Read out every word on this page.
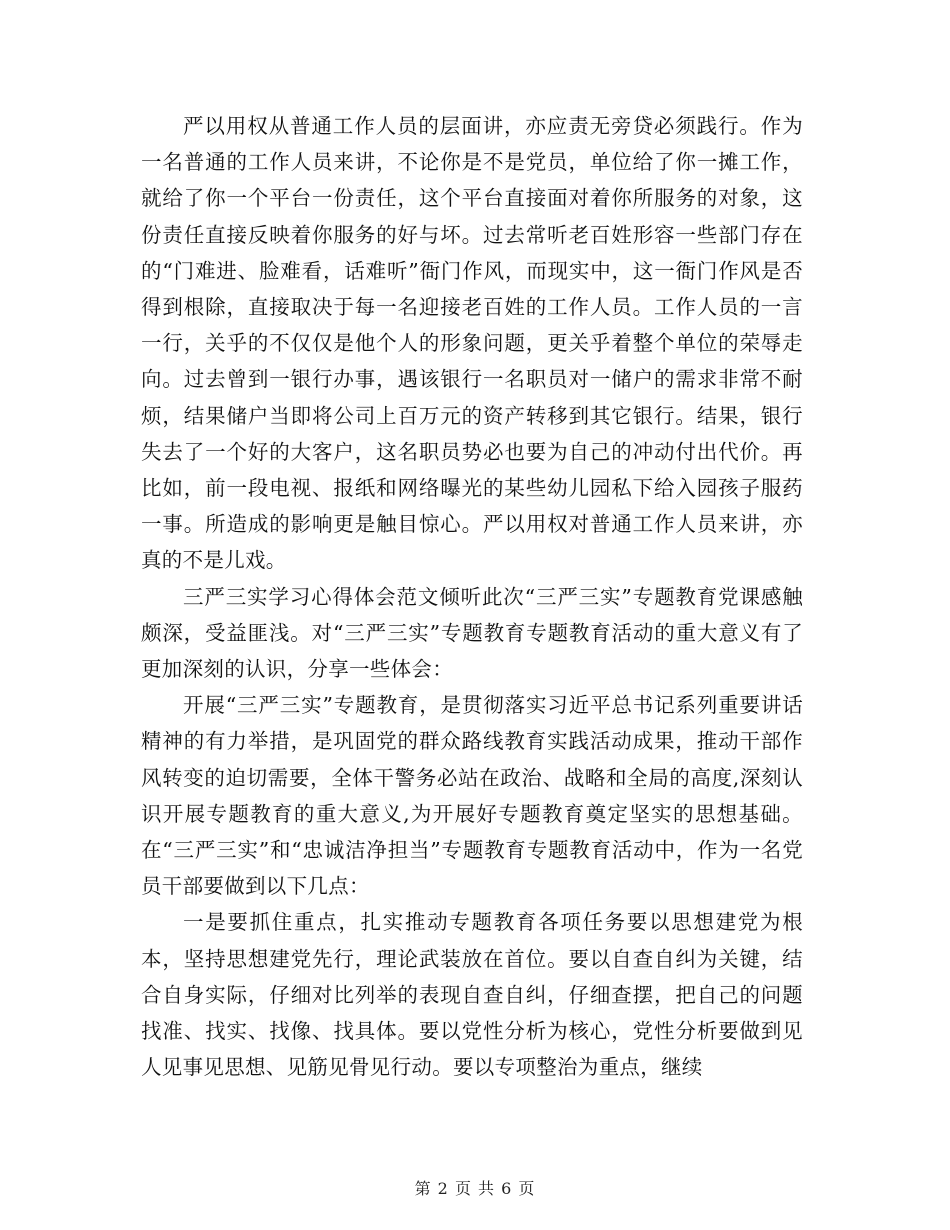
严以用权从普通工作人员的层面讲，亦应责无旁贷必须践行。作为一名普通的工作人员来讲，不论你是不是党员，单位给了你一摊工作，就给了你一个平台一份责任，这个平台直接面对着你所服务的对象，这份责任直接反映着你服务的好与坏。过去常听老百姓形容一些部门存在的“门难进、脸难看，话难听”衙门作风，而现实中，这一衙门作风是否得到根除，直接取决于每一名迎接老百姓的工作人员。工作人员的一言一行，关乎的不仅仅是他个人的形象问题，更关乎着整个单位的荣辱走向。过去曾到一银行办事，遇该银行一名职员对一储户的需求非常不耐烦，结果储户当即将公司上百万元的资产转移到其它银行。结果，银行失去了一个好的大客户，这名职员势必也要为自己的冲动付出代价。再比如，前一段电视、报纸和网络曝光的某些幼儿园私下给入园孩子服药一事。所造成的影响更是触目惊心。严以用权对普通工作人员来讲，亦真的不是儿戏。

三严三实学习心得体会范文倾听此次“三严三实”专题教育党课感触颇深，受益匪浅。对“三严三实”专题教育专题教育活动的重大意义有了更加深刻的认识，分享一些体会：

开展“三严三实”专题教育，是贯彻落实习近平总书记系列重要讲话精神的有力举措，是巩固党的群众路线教育实践活动成果，推动干部作风转变的迫切需要，全体干警务必站在政治、战略和全局的高度,深刻认识开展专题教育的重大意义,为开展好专题教育奠定坚实的思想基础。在“三严三实”和“忠诚洁净担当”专题教育专题教育活动中，作为一名党员干部要做到以下几点：

一是要抓住重点，扎实推动专题教育各项任务要以思想建党为根本，坚持思想建党先行，理论武装放在首位。要以自查自纠为关键，结合自身实际，仔细对比列举的表现自查自纠，仔细查摆，把自己的问题找准、找实、找像、找具体。要以党性分析为核心，党性分析要做到见人见事见思想、见筋见骨见行动。要以专项整治为重点，继续

第 2 页 共 6 页
